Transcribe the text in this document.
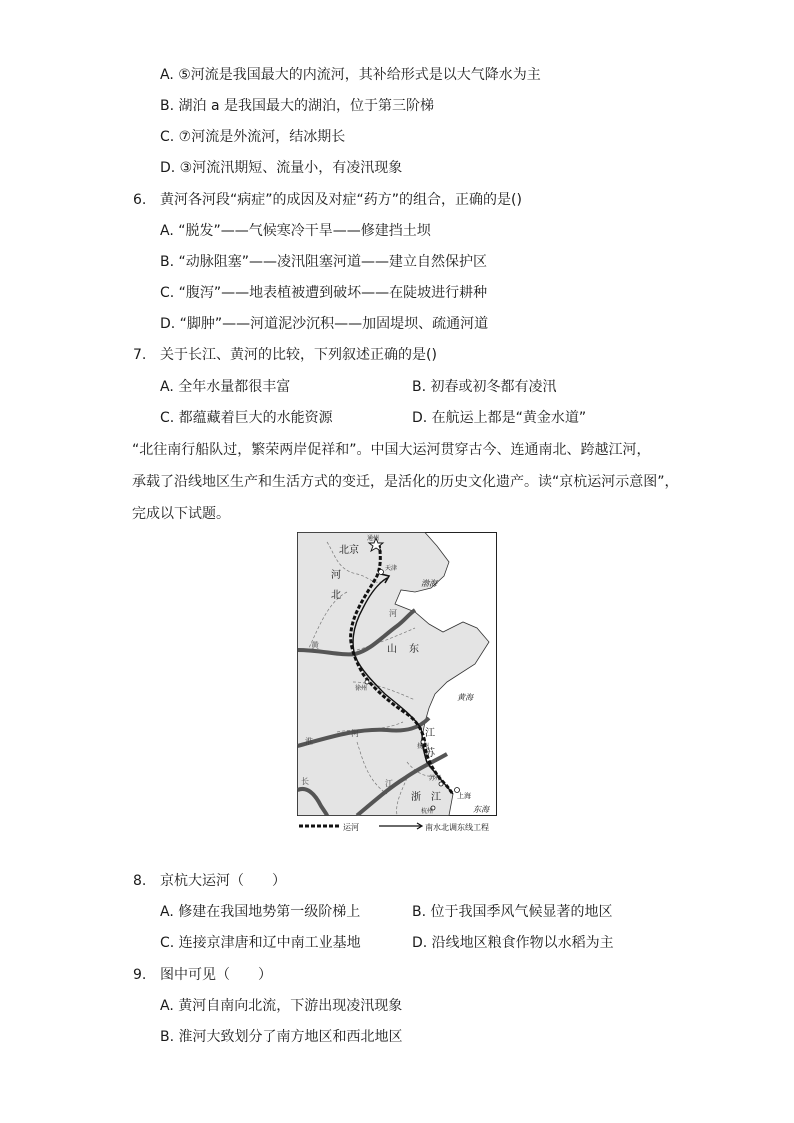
A. ⑤河流是我国最大的内流河，其补给形式是以大气降水为主
B. 湖泊 a 是我国最大的湖泊，位于第三阶梯
C. ⑦河流是外流河，结冰期长
D. ③河流汛期短、流量小，有凌汛现象
6. 黄河各河段“病症”的成因及对症“药方”的组合，正确的是()
A. “脱发”——气候寒冷干旱——修建挡土坝
B. “动脉阻塞”——凌汛阻塞河道——建立自然保护区
C. “腹泻”——地表植被遭到破坏——在陡坡进行耕种
D. “脚肿”——河道泥沙沉积——加固堤坝、疏通河道
7. 关于长江、黄河的比较，下列叙述正确的是()
A. 全年水量都很丰富	B. 初春或初冬都有凌汛
C. 都蕴藏着巨大的水能资源	D. 在航运上都是“黄金水道”
“北往南行船队过，繁荣两岸促祥和”。中国大运河贯穿古今、连通南北、跨越江河，
承载了沿线地区生产和生活方式的变迁，是活化的历史文化遗产。读“京杭运河示意图”，
完成以下试题。
通州
北京
天津
渤海
河
北
河
山 东
黄
徐州
黄海
江
苏
扬州
淮
河
江
长	苏州
上海
浙 江
杭州	东海
运河	南水北调东线工程
8. 京杭大运河（　　）
A. 修建在我国地势第一级阶梯上	B. 位于我国季风气候显著的地区
C. 连接京津唐和辽中南工业基地	D. 沿线地区粮食作物以水稻为主
9. 图中可见（　　）
A. 黄河自南向北流，下游出现凌汛现象
B. 淮河大致划分了南方地区和西北地区
